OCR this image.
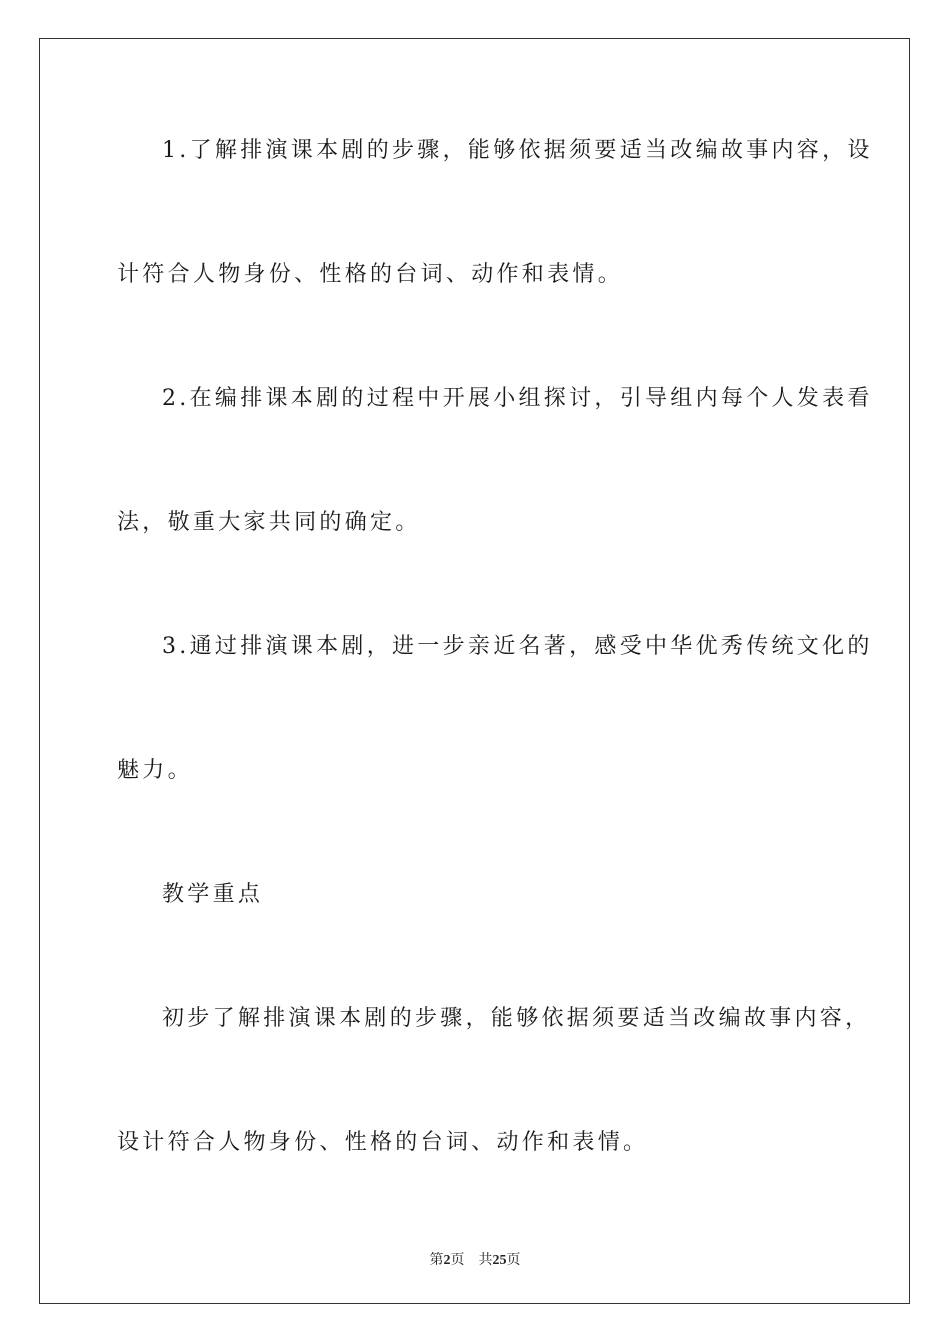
1.了解排演课本剧的步骤，能够依据须要适当改编故事内容，设
计符合人物身份、性格的台词、动作和表情。
2.在编排课本剧的过程中开展小组探讨，引导组内每个人发表看
法，敬重大家共同的确定。
3.通过排演课本剧，进一步亲近名著，感受中华优秀传统文化的
魅力。
教学重点
初步了解排演课本剧的步骤，能够依据须要适当改编故事内容，
设计符合人物身份、性格的台词、动作和表情。
第2页 共25页
